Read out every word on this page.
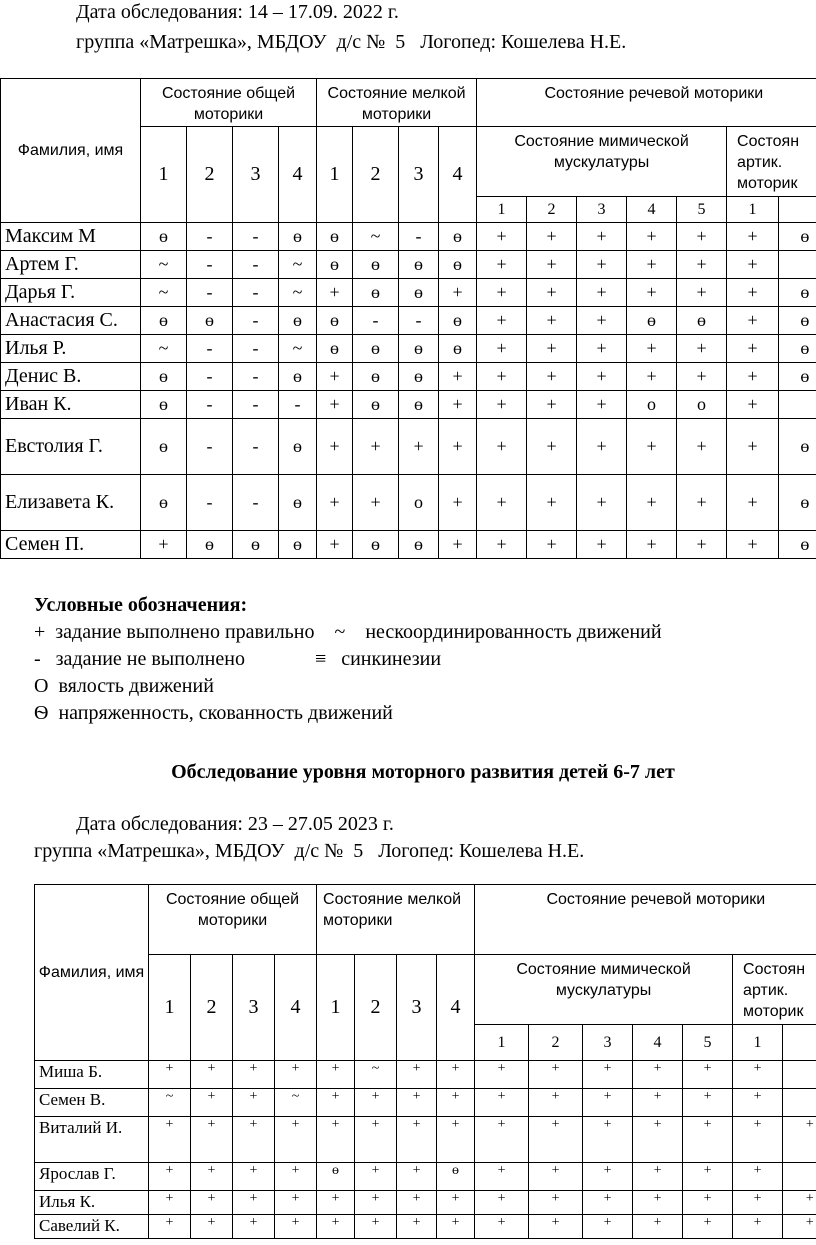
Дата обследования: 14 – 17.09. 2022 г.
группа «Матрешка», МБДОУ  д/с №  5   Логопед: Кошелева Н.Е.
Фамилия, имя	Состояние общей моторики				Состояние мелкой моторики				Состояние речевой моторики						
	1	2	3	4	1	2	3	4	Состояние мимической мускулатуры					Состоян артик. моторик	
									1	2	3	4	5	1	
Максим М	ɵ	-	-	ɵ	ɵ	~	-	ɵ	+	+	+	+	+	+	ɵ
Артем Г.	~	-	-	~	ɵ	ɵ	ɵ	ɵ	+	+	+	+	+	+	
Дарья Г.	~	-	-	~	+	ɵ	ɵ	+	+	+	+	+	+	+	ɵ
Анастасия С.	ɵ	ɵ	-	ɵ	ɵ	-	-	ɵ	+	+	+	ɵ	ɵ	+	ɵ
Илья Р.	~	-	-	~	ɵ	ɵ	ɵ	ɵ	+	+	+	+	+	+	ɵ
Денис В.	ɵ	-	-	ɵ	+	ɵ	ɵ	+	+	+	+	+	+	+	ɵ
Иван К.	ɵ	-	-	-	+	ɵ	ɵ	+	+	+	+	о	о	+	
Евстолия Г.	ɵ	-	-	ɵ	+	+	+	+	+	+	+	+	+	+	ɵ
Елизавета К.	ɵ	-	-	ɵ	+	+	о	+	+	+	+	+	+	+	ɵ
Семен П.	+	ɵ	ɵ	ɵ	+	ɵ	ɵ	+	+	+	+	+	+	+	ɵ
Условные обозначения:
+  задание выполнено правильно    ~    нескоординированность движений
-   задание не выполнено              ≡   синкинезии
О  вялость движений
Ѳ  напряженность, скованность движений
Обследование уровня моторного развития детей 6-7 лет
Дата обследования: 23 – 27.05 2023 г.
группа «Матрешка», МБДОУ  д/с №  5   Логопед: Кошелева Н.Е.
Фамилия, имя	Состояние общей моторики				Состояние мелкой моторики				Состояние речевой моторики						
	1	2	3	4	1	2	3	4	Состояние мимической мускулатуры					Состоян артик. моторик	
									1	2	3	4	5	1	
Миша Б.	+	+	+	+	+	~	+	+	+	+	+	+	+	+	
Семен В.	~	+	+	~	+	+	+	+	+	+	+	+	+	+	
Виталий И.	+	+	+	+	+	+	+	+	+	+	+	+	+	+	+
Ярослав Г.	+	+	+	+	ɵ	+	+	ɵ	+	+	+	+	+	+	
Илья К.	+	+	+	+	+	+	+	+	+	+	+	+	+	+	+
Савелий К.	+	+	+	+	+	+	+	+	+	+	+	+	+	+	+
